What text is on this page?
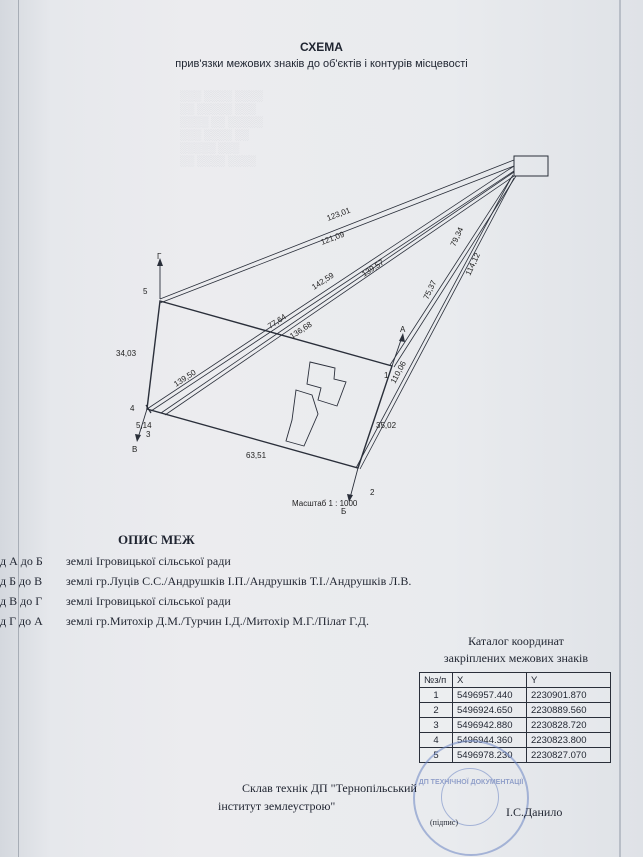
░░░ ░░░░ ░░░░
░░ ░░░░░ ░░░
░░░░ ░░ ░░░░░
░░░ ░░░░ ░░
░░░░░ ░░░
░░ ░░░░ ░░░░
СХЕМА
прив'язки межових знаків до об'єктів і контурів місцевості
1
2
3
4
5
А
Б
В
Г
123,01
121,09
139,57
142,59
79,34
114,12
75,37
110,06
77,64 136,68
139,50
34,03
5,14	35,02
63,51
Масштаб 1 : 1000
ОПИС МЕЖ
д А до Б	землі Ігровицької сільської ради
д Б до В	землі гр.Луців С.С./Андрушків І.П./Андрушків Т.І./Андрушків Л.В.
д В до Г	землі Ігровицької сільської ради
д Г до А	землі гр.Митохір Д.М./Турчин І.Д./Митохір М.Г./Пілат Г.Д.
Каталог координат
закріплених межових знаків
№з/п	X	Y
1	5496957.440	2230901.870
2	5496924.650	2230889.560
3	5496942.880	2230828.720
4	5496944.360	2230823.800
5	5496978.230	2230827.070
ДП ТЕХНІЧНОЇ ДОКУМЕНТАЦІЇ
Склав технік ДП "Тернопільський
інститут землеустрою"
(підпис)
І.С.Данило
